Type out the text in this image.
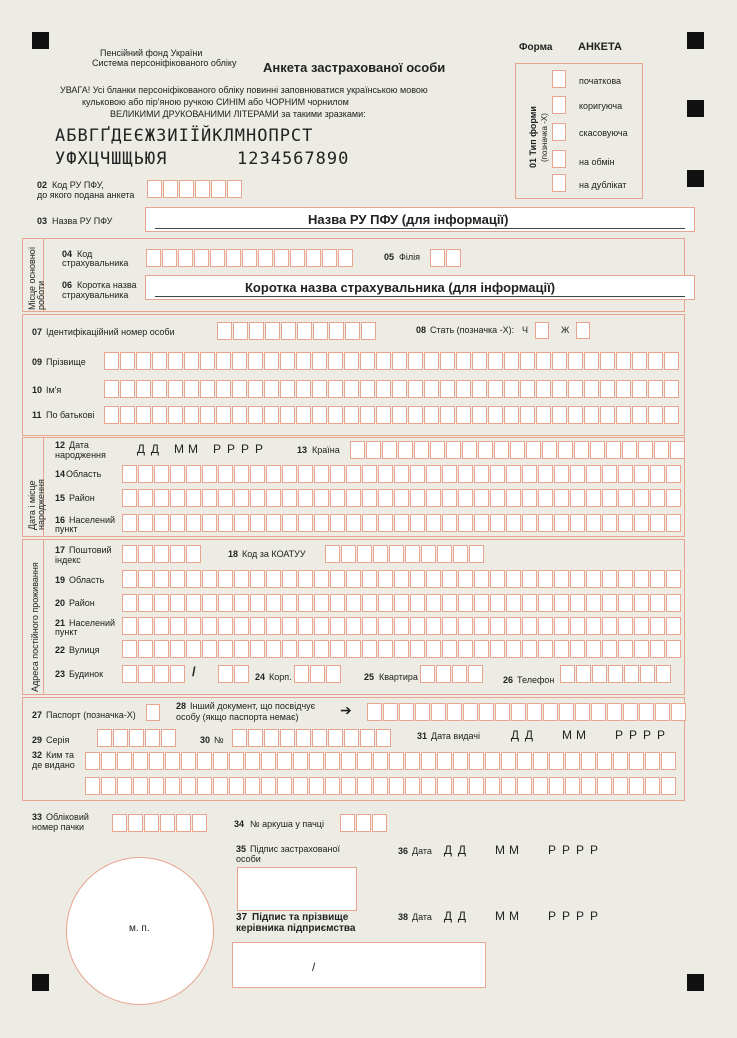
Пенсійний фонд України
Система персоніфікованого обліку Анкета застрахованої особи
Форма АНКЕТА
УВАГА! Усі бланки персоніфікованого обліку повинні заповнюватися українською мовою
кульковою або пір'яною ручкою СИНІМ або ЧОРНИМ чорнилом
ВЕЛИКИМИ ДРУКОВАНИМИ ЛІТЕРАМИ за такими зразками:
АБВГҐДЕЄЖЗИІЇЙКЛМНОПРСТ
УФХЦЧШЩЬЮЯ	1234567890	01 Тип форми (позначка -Х)
початкова
коригуюча
скасовуюча
на обмін
на дублікат
02 Код РУ ПФУ,
до якого подана анкета
03 Назва РУ ПФУ	Назва РУ ПФУ (для інформації)
Місце основної роботи
04 Код
страхувальника
05 Філія
06 Коротка назва
страхувальника	Коротка назва страхувальника (для інформації)
07 Ідентифікаційний номер особи	08 Стать (позначка -Х): Ч	Ж
09 Прізвище
10 Ім'я
11 По батькові
Дата і місце народження
12 Дата
народження	Д Д М М Р Р Р Р	13 Країна
14 Область
15 Район
16 Населений
пункт
Адреса постійного проживання
17 Поштовий
індекс
18 Код за КОАТУУ
19 Область
20 Район
21 Населений
пункт
22 Вулиця
23 Будинок	/	24 Корп.	25 Квартира	26 Телефон
27 Паспорт (позначка-Х)
28 Інший документ, що посвідчує
особу (якщо паспорта немає)	➔
29 Серія	30 №	31 Дата видачі	Д Д М М Р Р Р Р
32 Ким та
де видано
33 Обліковий
номер пачки	34 № аркуша у пачці
м. п.
35 Підпис застрахованої
особи
36 Дата Д Д М М Р Р Р Р
37 Підпис та прізвище
керівника підприємства
/
38 Дата Д Д М М Р Р Р Р
